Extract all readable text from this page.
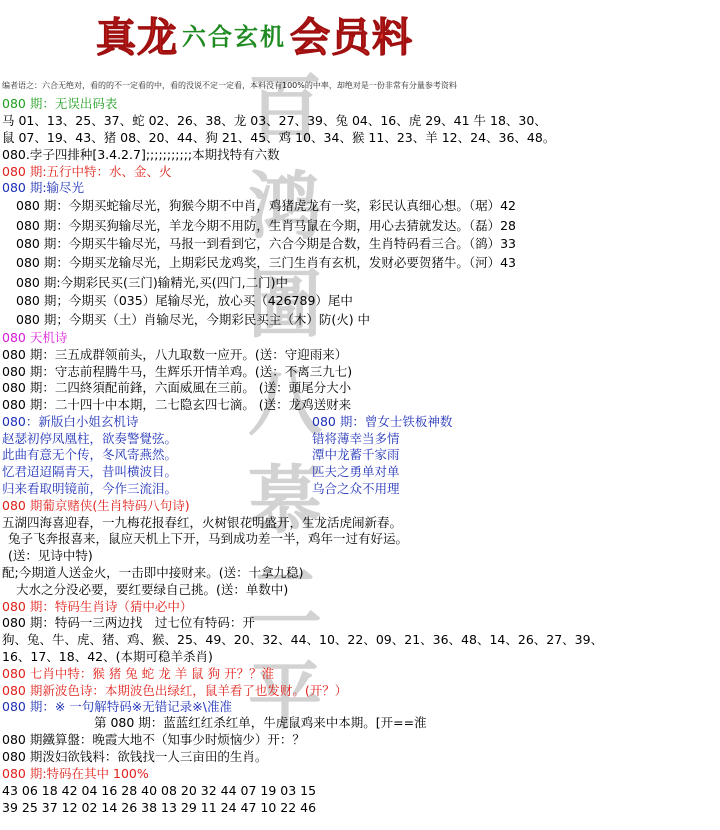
百
鸿
圖
八
慕
二
平
真龙 六合玄机 会员料
编者语之：六合无绝对，看的的不一定看的中，看的没说不定一定看，本料没有100%的中率，却绝对是一份非常有分量参考资料
080 期：无误出码表
马 01、13、25、37、蛇 02、26、38、龙 03、27、39、兔 04、16、虎 29、41 牛 18、30、
鼠 07、19、43、猪 08、20、44、狗 21、45、鸡 10、34、猴 11、23、羊 12、24、36、48。
080.孛子四排种[3.4.2.7];;;;;;;;;;;本期找特有六数
080 期:五行中特：水、金、火
080 期:输尽光
080 期：今期买蛇输尽光，狗猴今期不中肖，鸡猪虎龙有一奖，彩民认真细心想。（琚）42
080 期：今期买狗输尽光，羊龙今期不用防，生肖马鼠在今期，用心去猜就发达。（磊）28
080 期：今期买牛输尽光，马报一到看到它，六合今期是合数，生肖特码看三合。（鹆）33
080 期：今期买龙输尽光，上期彩民龙鸡奖，三门生肖有玄机，发财必要贺猪牛。（河）43
080 期:今期彩民买(三门)输精光,买(四门,二门)中
080 期；今期买（035）尾输尽光，放心买（426789）尾中
080 期；今期买（土）肖输尽光，今期彩民买主（木）防(火) 中
080 天机诗
080 期：三五成群领前头，八九取数一应开。(送：守迎雨来）
080 期：守志前程腾牛马，生辉乐开情羊鸡。(送：不离三九七)
080 期：二四終須配前鋒，六面威風在三前。 (送：頭尾分大小
080 期：二十四十中本期，二七隐玄四七滴。 (送：龙鸡送财来
080：新版白小姐玄机诗	080 期：曾女士铁板神数
赵瑟初停凤凰柱，欲奏警覺弦。
此曲有意无个传，冬风寄燕然。
忆君迢迢隔青天，昔叫横波目。
归来看取明镜前，今作三流泪。
错将薄幸当多情
潭中龙蓄千家雨
匹夫之勇单对单
乌合之众不用理
080 期葡京赌侠(生肖特码八句诗)
五湖四海喜迎春，一九梅花报春红，火树银花明盛开，生龙活虎闹新春。
兔子飞奔报喜来，鼠应天机上下开，马到成功差一半，鸡年一过有好运。
(送：见诗中特)
配;今期道人送金火，一击即中接财来。(送：十拿九稳)
大水之分没必要，要红要绿自己挑。(送：单数中)
080 期：特码生肖诗（猜中必中）
080 期：特码一三两边找　过七位有特码：开
狗、兔、牛、虎、猪、鸡、猴、25、49、20、32、44、10、22、09、21、36、48、14、26、27、39、
16、17、18、42、(本期可稳羊杀肖)
080 七肖中特：猴 猪 兔 蛇 龙 羊 鼠 狗 开？？淮
080 期新波色诗：本期波色出绿红，鼠羊看了也发财。(开？）
080 期：※ 一句解特码※无错记录※\准准
第 080 期：蓝蓝红红杀红单，牛虎鼠鸡来中本期。[开==淮
080 期鐵算盤：晚霞大地不（知事少时烦恼少）开：？
080 期泼妇欲钱料：欲钱找一人三亩田的生肖。
080 期:特码在其中 100%
43 06 18 42 04 16 28 40 08 20 32 44 07 19 03 15
39 25 37 12 02 14 26 38 13 29 11 24 47 10 22 46
